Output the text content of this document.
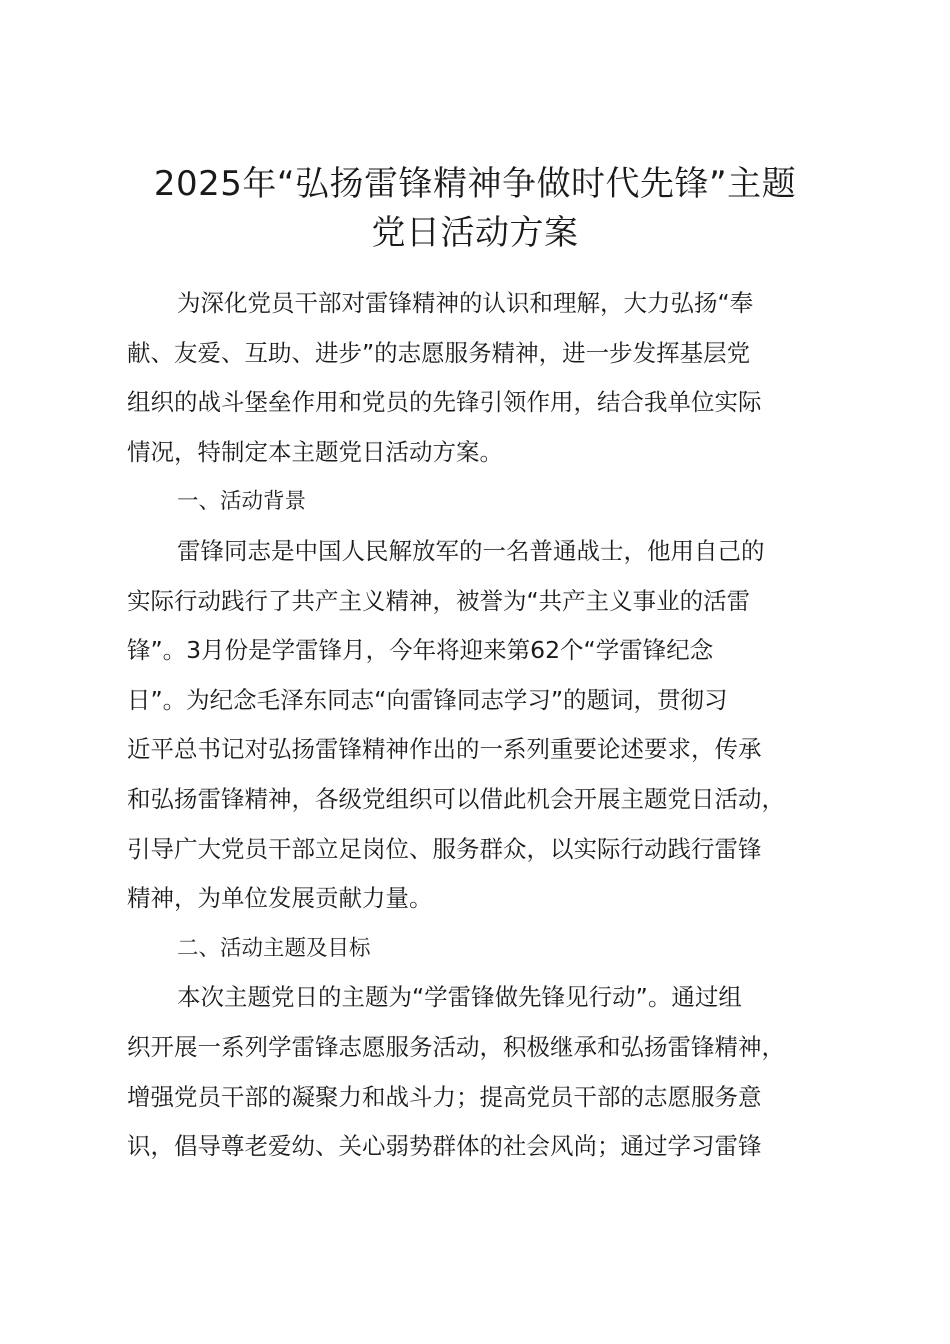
2025年“弘扬雷锋精神争做时代先锋”主题
党日活动方案

为深化党员干部对雷锋精神的认识和理解，大力弘扬“奉

献、友爱、互助、进步”的志愿服务精神，进一步发挥基层党

组织的战斗堡垒作用和党员的先锋引领作用，结合我单位实际

情况，特制定本主题党日活动方案。

一、活动背景

雷锋同志是中国人民解放军的一名普通战士，他用自己的

实际行动践行了共产主义精神，被誉为“共产主义事业的活雷

锋”。3月份是学雷锋月，今年将迎来第62个“学雷锋纪念

日”。为纪念毛泽东同志“向雷锋同志学习”的题词，贯彻习

近平总书记对弘扬雷锋精神作出的一系列重要论述要求，传承

和弘扬雷锋精神，各级党组织可以借此机会开展主题党日活动，

引导广大党员干部立足岗位、服务群众，以实际行动践行雷锋

精神，为单位发展贡献力量。

二、活动主题及目标

本次主题党日的主题为“学雷锋做先锋见行动”。通过组

织开展一系列学雷锋志愿服务活动，积极继承和弘扬雷锋精神，

增强党员干部的凝聚力和战斗力；提高党员干部的志愿服务意

识，倡导尊老爱幼、关心弱势群体的社会风尚；通过学习雷锋
